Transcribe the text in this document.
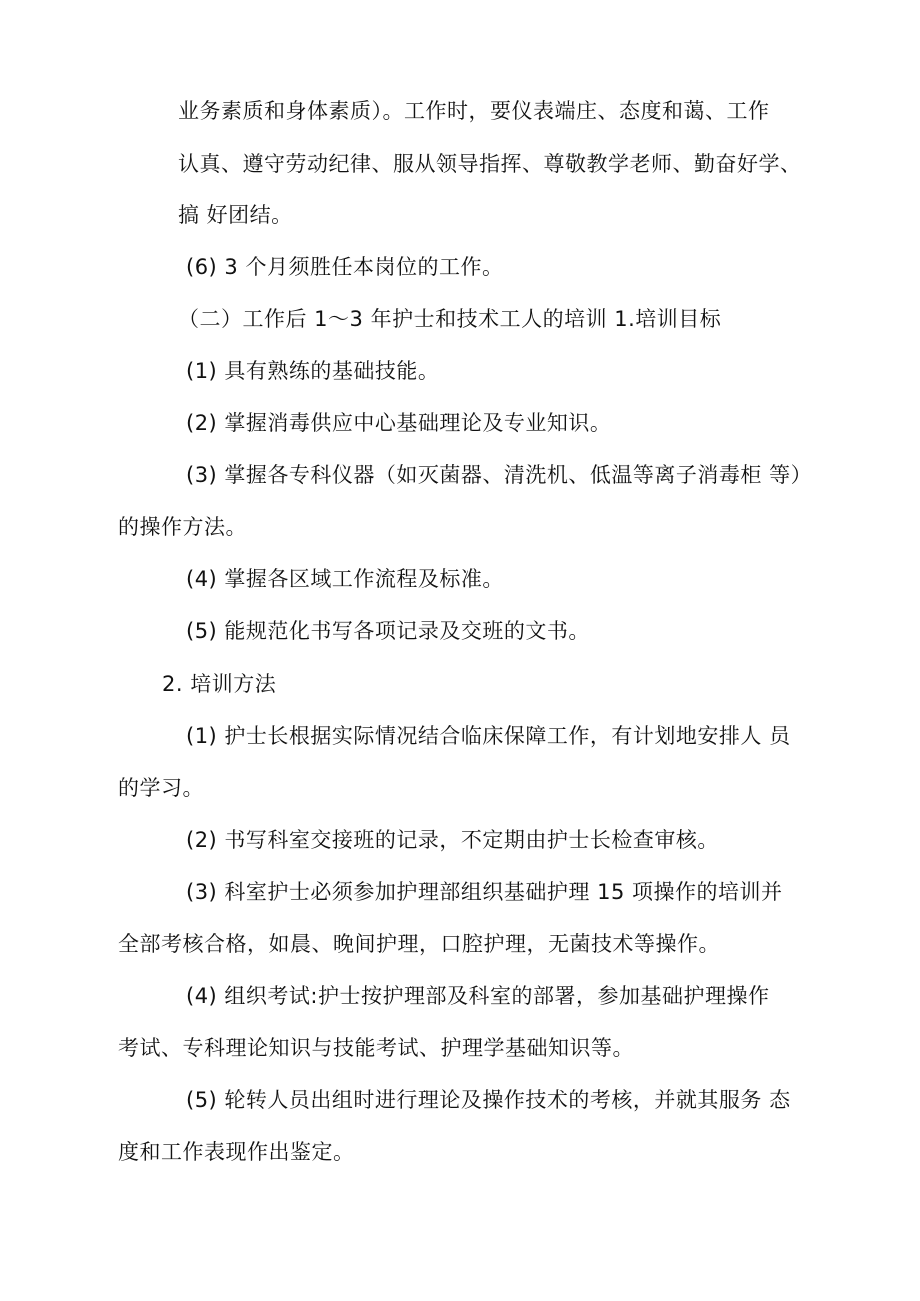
业务素质和身体素质）。工作时，要仪表端庄、态度和蔼、工作
认真、遵守劳动纪律、服从领导指挥、尊敬教学老师、勤奋好学、
搞 好团结。
(6) 3 个月须胜任本岗位的工作。
（二）工作后 1～3 年护士和技术工人的培训 1.培训目标
(1) 具有熟练的基础技能。
(2) 掌握消毒供应中心基础理论及专业知识。
(3) 掌握各专科仪器（如灭菌器、清洗机、低温等离子消毒柜 等）
的操作方法。
(4) 掌握各区域工作流程及标准。
(5) 能规范化书写各项记录及交班的文书。
2. 培训方法
(1) 护士长根据实际情况结合临床保障工作，有计划地安排人 员
的学习。
(2) 书写科室交接班的记录，不定期由护士长检查审核。
(3) 科室护士必须参加护理部组织基础护理 15 项操作的培训并
全部考核合格，如晨、晚间护理，口腔护理，无菌技术等操作。
(4) 组织考试:护士按护理部及科室的部署，参加基础护理操作
考试、专科理论知识与技能考试、护理学基础知识等。
(5) 轮转人员出组时进行理论及操作技术的考核，并就其服务 态
度和工作表现作出鉴定。
